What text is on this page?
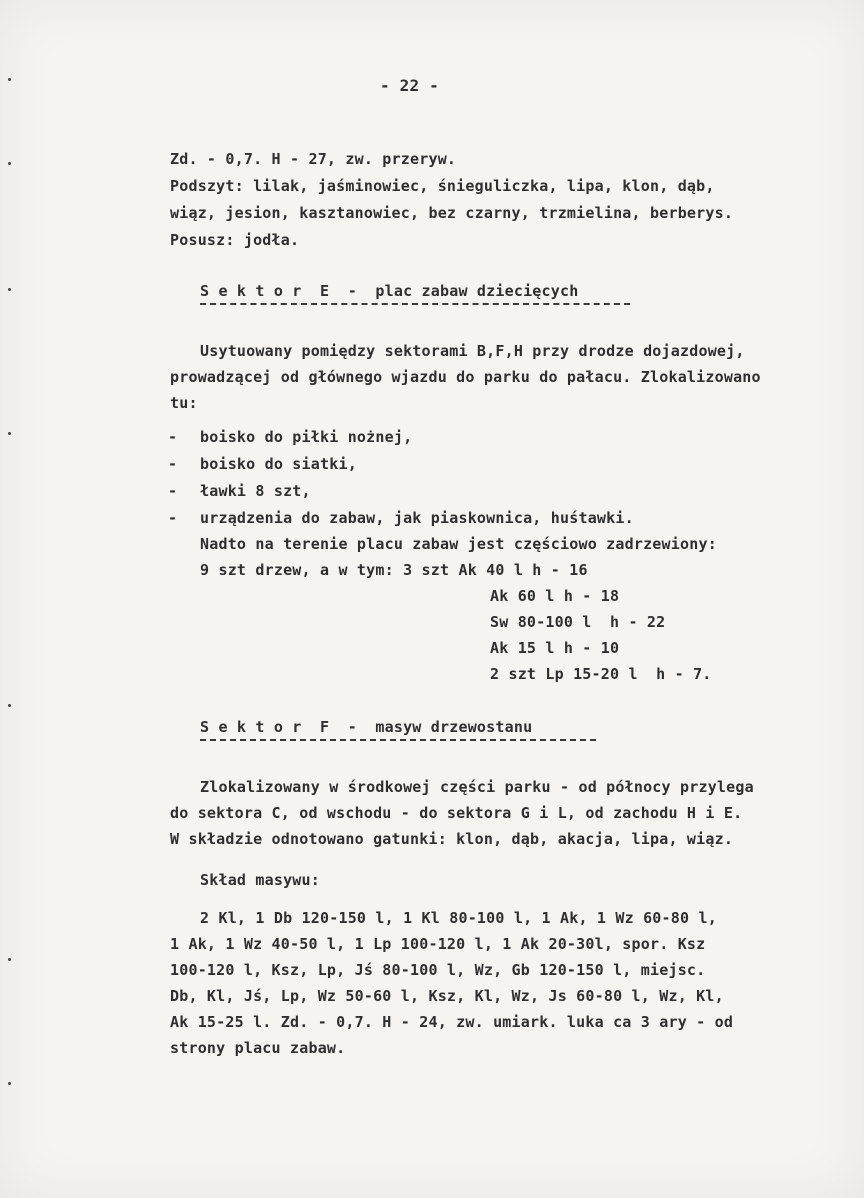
- 22 -
Zd. - 0,7. H - 27, zw. przeryw.
Podszyt: lilak, jaśminowiec, śnieguliczka, lipa, klon, dąb,
wiąz, jesion, kasztanowiec, bez czarny, trzmielina, berberys.
Posusz: jodła.
S e k t o r  E  -  plac zabaw dziecięcych
Usytuowany pomiędzy sektorami B,F,H przy drodze dojazdowej,
prowadzącej od głównego wjazdu do parku do pałacu. Zlokalizowano
tu:
- boisko do piłki nożnej,
- boisko do siatki,
- ławki 8 szt,
- urządzenia do zabaw, jak piaskownica, huśtawki.
Nadto na terenie placu zabaw jest częściowo zadrzewiony:
9 szt drzew, a w tym: 3 szt Ak 40 l h - 16
Ak 60 l h - 18
Sw 80-100 l  h - 22
Ak 15 l h - 10
2 szt Lp 15-20 l  h - 7.
S e k t o r  F  -  masyw drzewostanu
Zlokalizowany w środkowej części parku - od północy przylega
do sektora C, od wschodu - do sektora G i L, od zachodu H i E.
W składzie odnotowano gatunki: klon, dąb, akacja, lipa, wiąz.
Skład masywu:
2 Kl, 1 Db 120-150 l, 1 Kl 80-100 l, 1 Ak, 1 Wz 60-80 l,
1 Ak, 1 Wz 40-50 l, 1 Lp 100-120 l, 1 Ak 20-30l, spor. Ksz
100-120 l, Ksz, Lp, Jś 80-100 l, Wz, Gb 120-150 l, miejsc.
Db, Kl, Jś, Lp, Wz 50-60 l, Ksz, Kl, Wz, Js 60-80 l, Wz, Kl,
Ak 15-25 l. Zd. - 0,7. H - 24, zw. umiark. luka ca 3 ary - od
strony placu zabaw.
